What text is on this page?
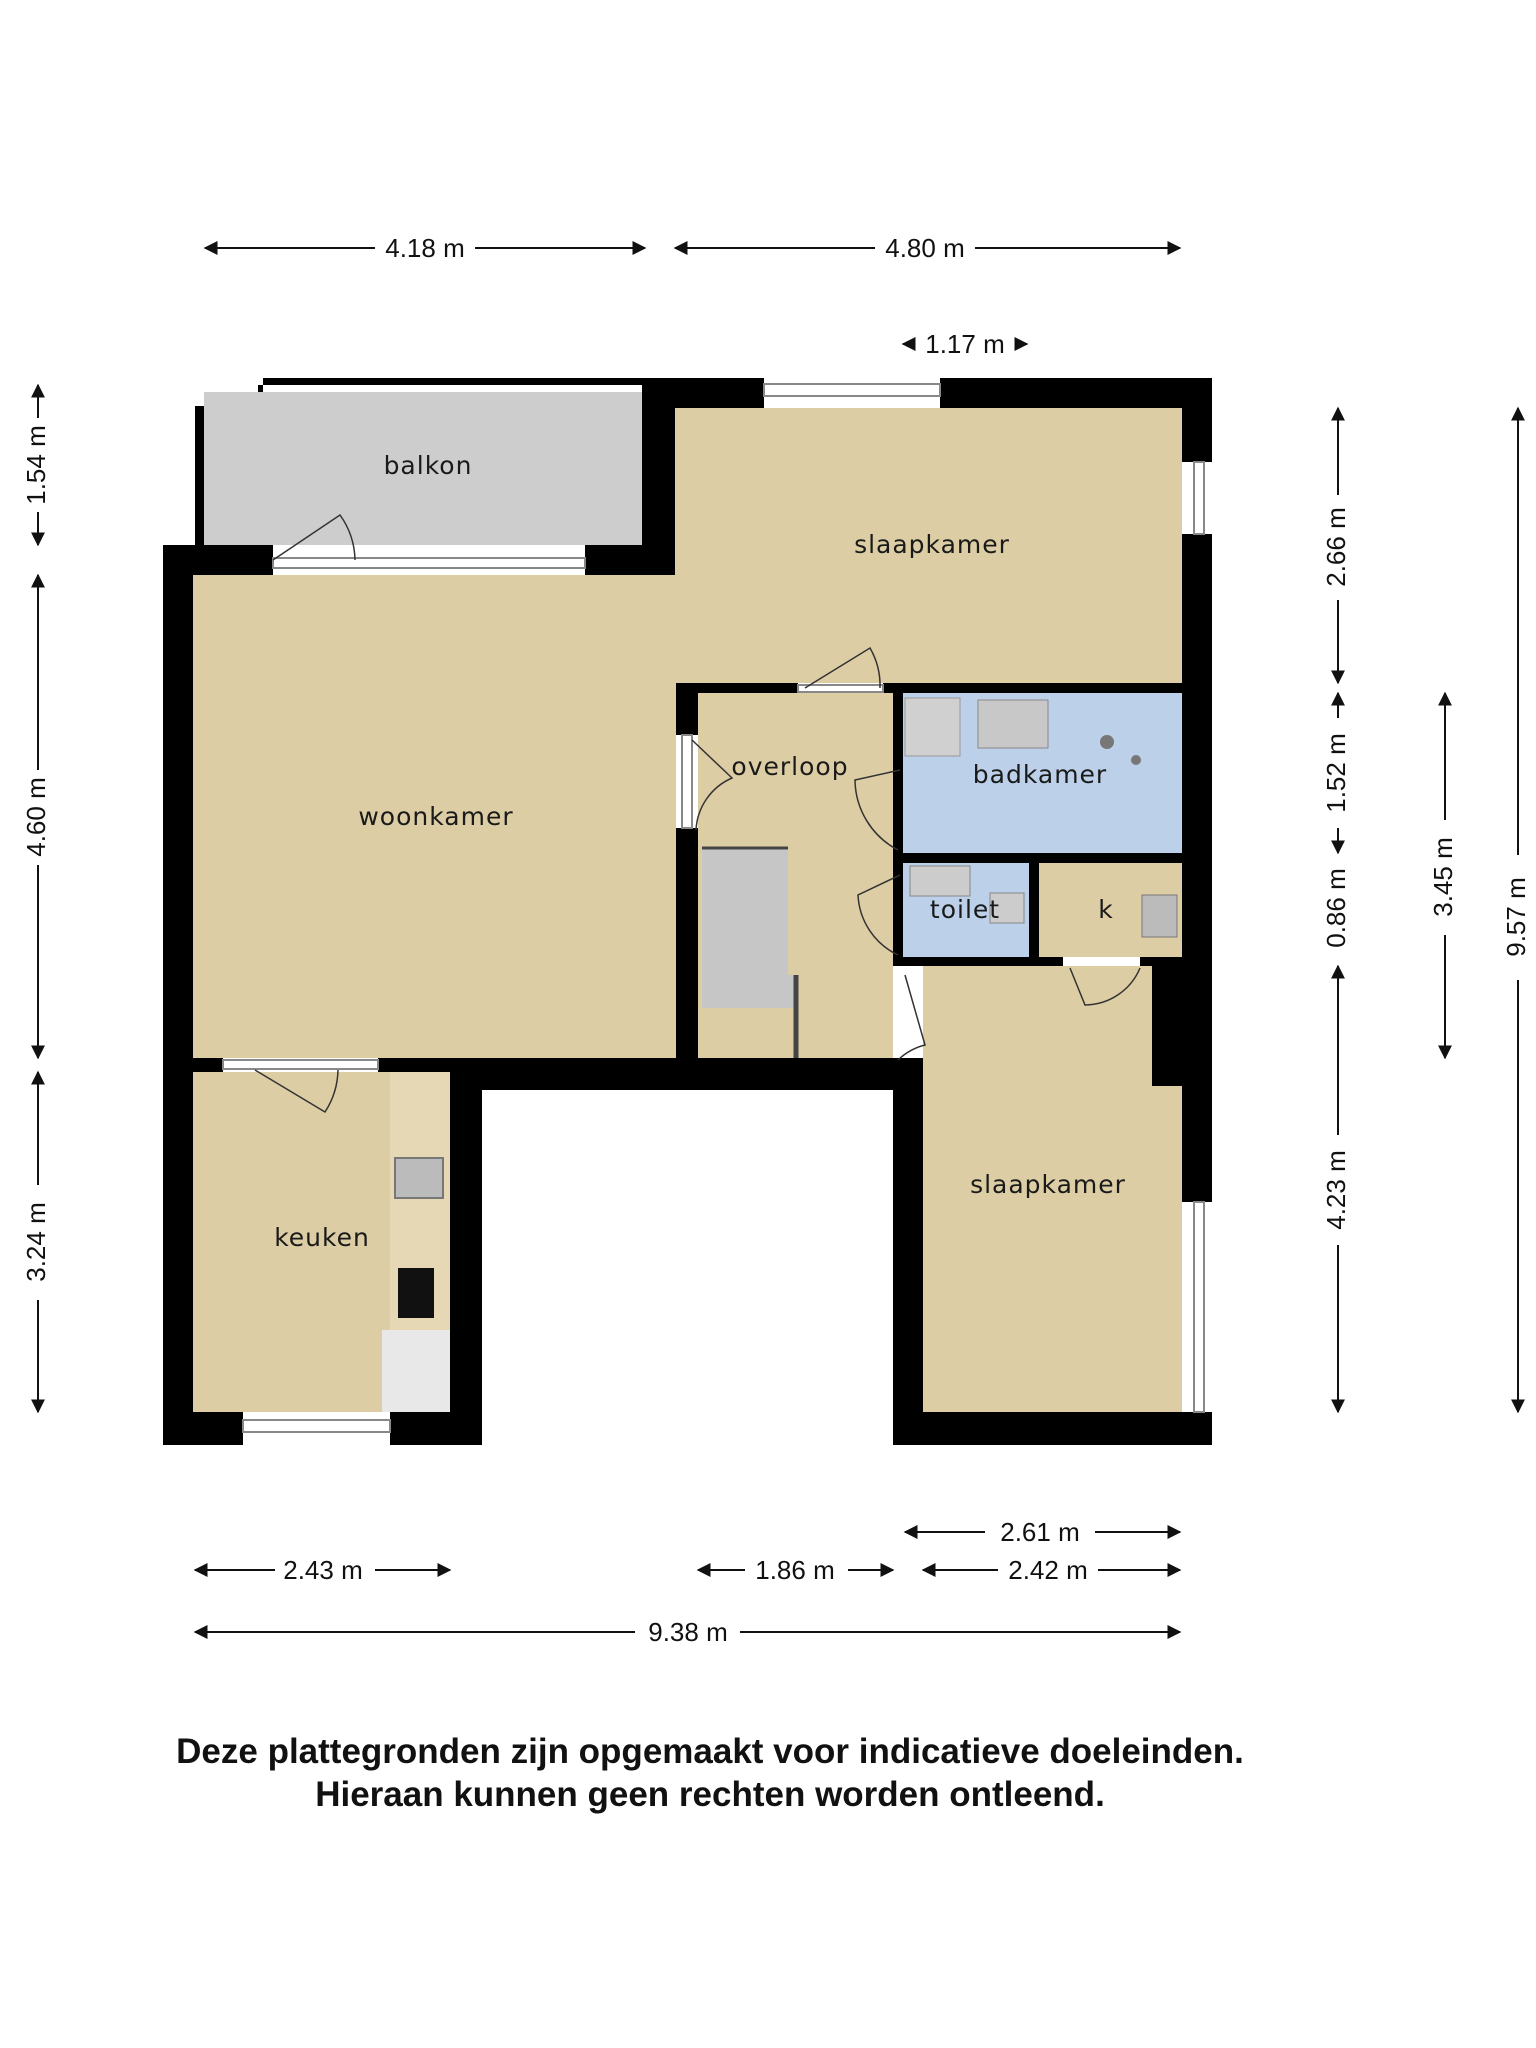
balkon
slaapkamer
woonkamer
overloop	badkamer
toilet	k
keuken
slaapkamer
4.18 m	4.80 m
1.17 m
1.54 m
4.60 m
3.24 m
2.66 m
1.52 m
0.86 m
4.23 m
3.45 m
9.57 m
2.61 m
2.43 m	1.86 m	2.42 m
9.38 m
Deze plattegronden zijn opgemaakt voor indicatieve doeleinden.
Hieraan kunnen geen rechten worden ontleend.
